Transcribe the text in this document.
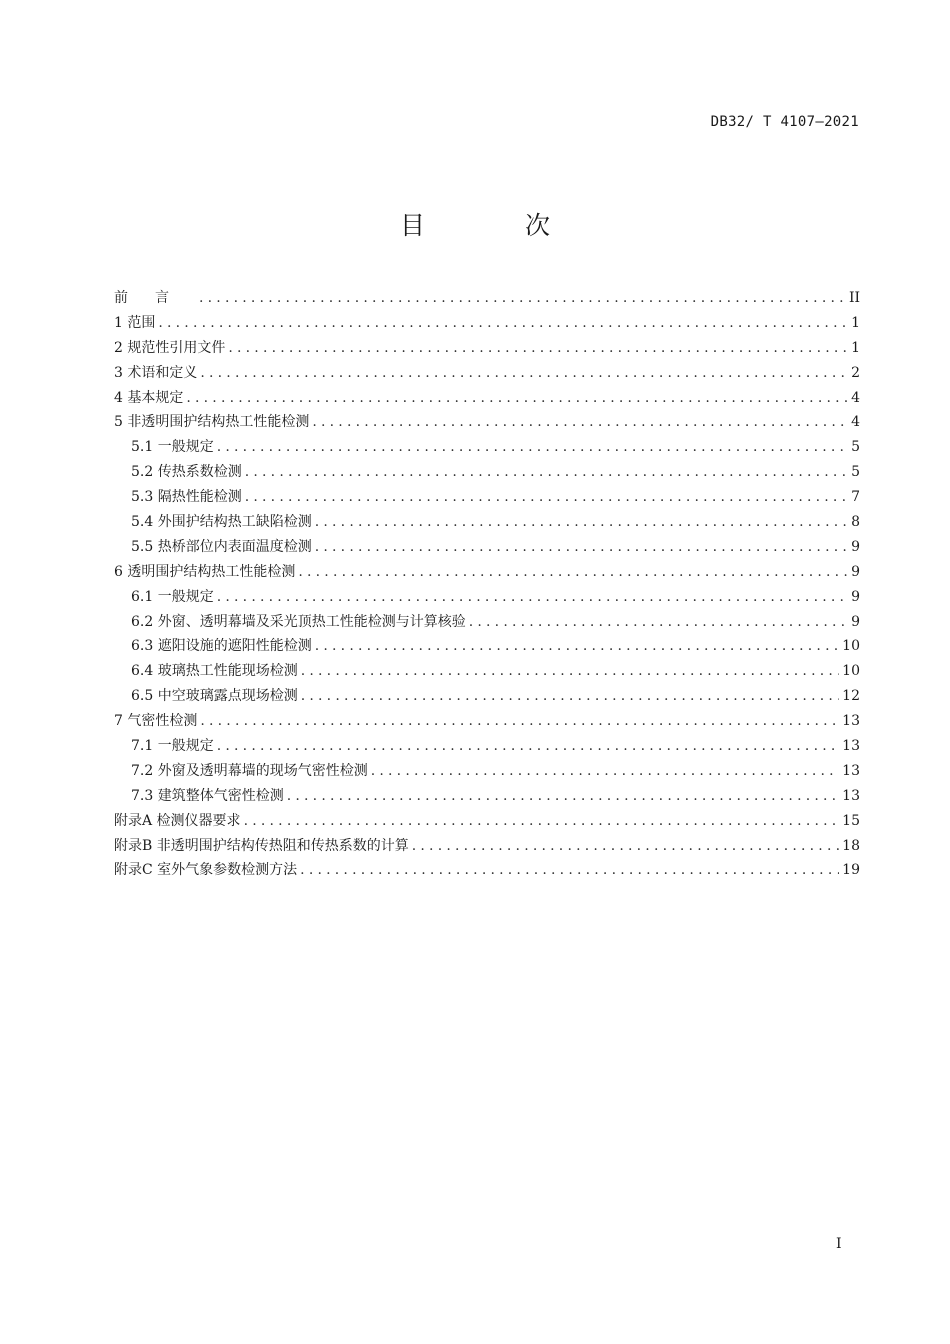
DB32/ T 4107—2021
目 次
前言 .....	II
1 范围 .....	1
2 规范性引用文件 .....	1
3 术语和定义 .....	2
4 基本规定 .....	4
5 非透明围护结构热工性能检测 .....	4
5.1 一般规定 .....	5
5.2 传热系数检测 .....	5
5.3 隔热性能检测 .....	7
5.4 外围护结构热工缺陷检测 .....	8
5.5 热桥部位内表面温度检测 .....	9
6 透明围护结构热工性能检测 .....	9
6.1 一般规定 .....	9
6.2 外窗、透明幕墙及采光顶热工性能检测与计算核验 .....	9
6.3 遮阳设施的遮阳性能检测 .....	10
6.4 玻璃热工性能现场检测 .....	10
6.5 中空玻璃露点现场检测 .....	12
7 气密性检测 .....	13
7.1 一般规定 .....	13
7.2 外窗及透明幕墙的现场气密性检测 .....	13
7.3 建筑整体气密性检测 .....	13
附录A 检测仪器要求 .....	15
附录B 非透明围护结构传热阻和传热系数的计算 .....	18
附录C 室外气象参数检测方法 .....	19
I
